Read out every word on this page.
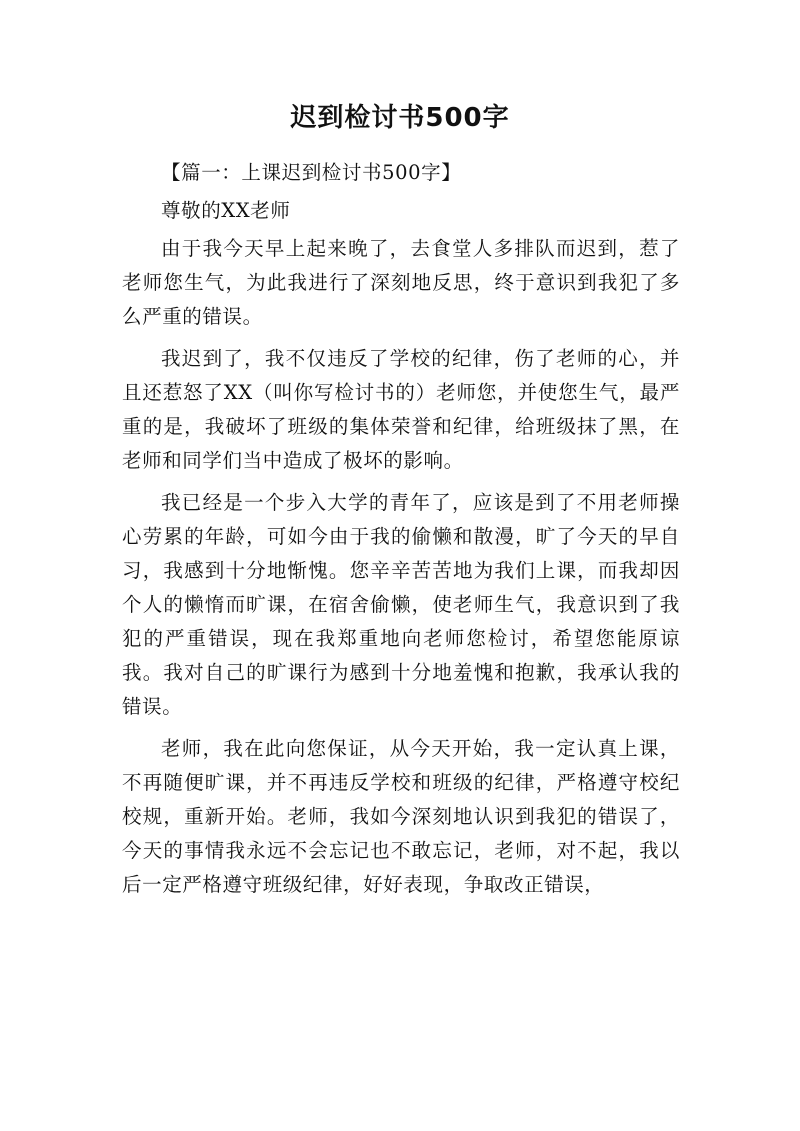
迟到检讨书500字

【篇一：上课迟到检讨书500字】

尊敬的XX老师

由于我今天早上起来晚了，去食堂人多排队而迟到，惹了老师您生气，为此我进行了深刻地反思，终于意识到我犯了多么严重的错误。

我迟到了，我不仅违反了学校的纪律，伤了老师的心，并且还惹怒了XX（叫你写检讨书的）老师您，并使您生气，最严重的是，我破坏了班级的集体荣誉和纪律，给班级抹了黑，在老师和同学们当中造成了极坏的影响。

我已经是一个步入大学的青年了，应该是到了不用老师操心劳累的年龄，可如今由于我的偷懒和散漫，旷了今天的早自习，我感到十分地惭愧。您辛辛苦苦地为我们上课，而我却因个人的懒惰而旷课，在宿舍偷懒，使老师生气，我意识到了我犯的严重错误，现在我郑重地向老师您检讨，希望您能原谅我。我对自己的旷课行为感到十分地羞愧和抱歉，我承认我的错误。

老师，我在此向您保证，从今天开始，我一定认真上课，不再随便旷课，并不再违反学校和班级的纪律，严格遵守校纪校规，重新开始。老师，我如今深刻地认识到我犯的错误了，今天的事情我永远不会忘记也不敢忘记，老师，对不起，我以后一定严格遵守班级纪律，好好表现，争取改正错误，
